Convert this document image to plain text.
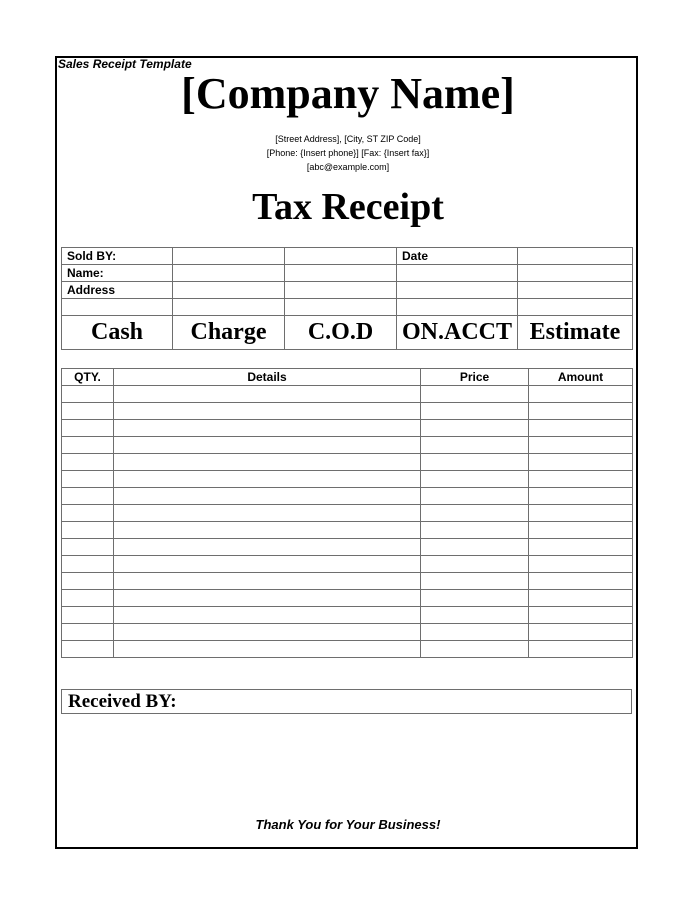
Sales Receipt Template
[Company Name]
[Street Address], [City, ST ZIP Code]
[Phone: {Insert phone}] [Fax: {Insert fax}]
[abc@example.com]
Tax Receipt
Sold BY:			Date	
Name:				
Address				

Cash	Charge	C.O.D	ON.ACCT	Estimate
QTY.	Details	Price	Amount

Received BY:
Thank You for Your Business!
